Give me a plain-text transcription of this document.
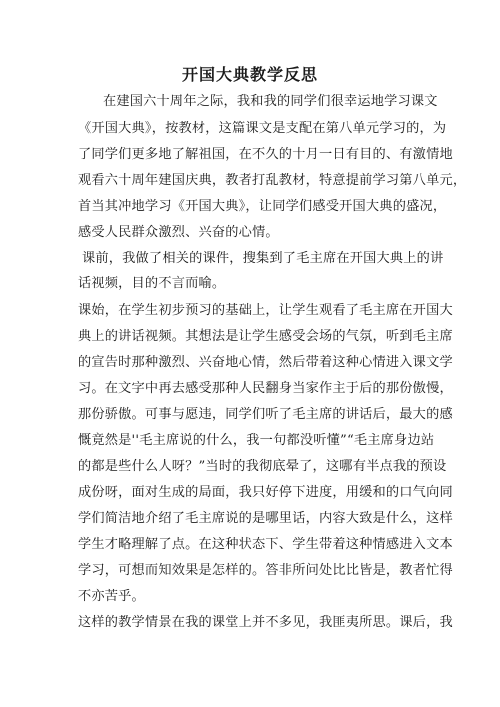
开国大典教学反思
在建国六十周年之际，我和我的同学们很幸运地学习课文
《开国大典》，按教材，这篇课文是支配在第八单元学习的，为
了同学们更多地了解祖国，在不久的十月一日有目的、有激情地
观看六十周年建国庆典，教者打乱教材，特意提前学习第八单元，
首当其冲地学习《开国大典》，让同学们感受开国大典的盛况，
感受人民群众激烈、兴奋的心情。
课前，我做了相关的课件，搜集到了毛主席在开国大典上的讲
话视频，目的不言而喻。
课始，在学生初步预习的基础上，让学生观看了毛主席在开国大
典上的讲话视频。其想法是让学生感受会场的气氛，听到毛主席
的宣告时那种激烈、兴奋地心情，然后带着这种心情进入课文学
习。在文字中再去感受那种人民翻身当家作主于后的那份傲慢，
那份骄傲。可事与愿违，同学们听了毛主席的讲话后，最大的感
慨竟然是''毛主席说的什么，我一句都没听懂”“毛主席身边站
的都是些什么人呀？”当时的我彻底晕了，这哪有半点我的预设
成份呀，面对生成的局面，我只好停下进度，用缓和的口气向同
学们简洁地介绍了毛主席说的是哪里话，内容大致是什么，这样
学生才略理解了点。在这种状态下、学生带着这种情感进入文本
学习，可想而知效果是怎样的。答非所问处比比皆是，教者忙得
不亦苦乎。
这样的教学情景在我的课堂上并不多见，我匪夷所思。课后，我
